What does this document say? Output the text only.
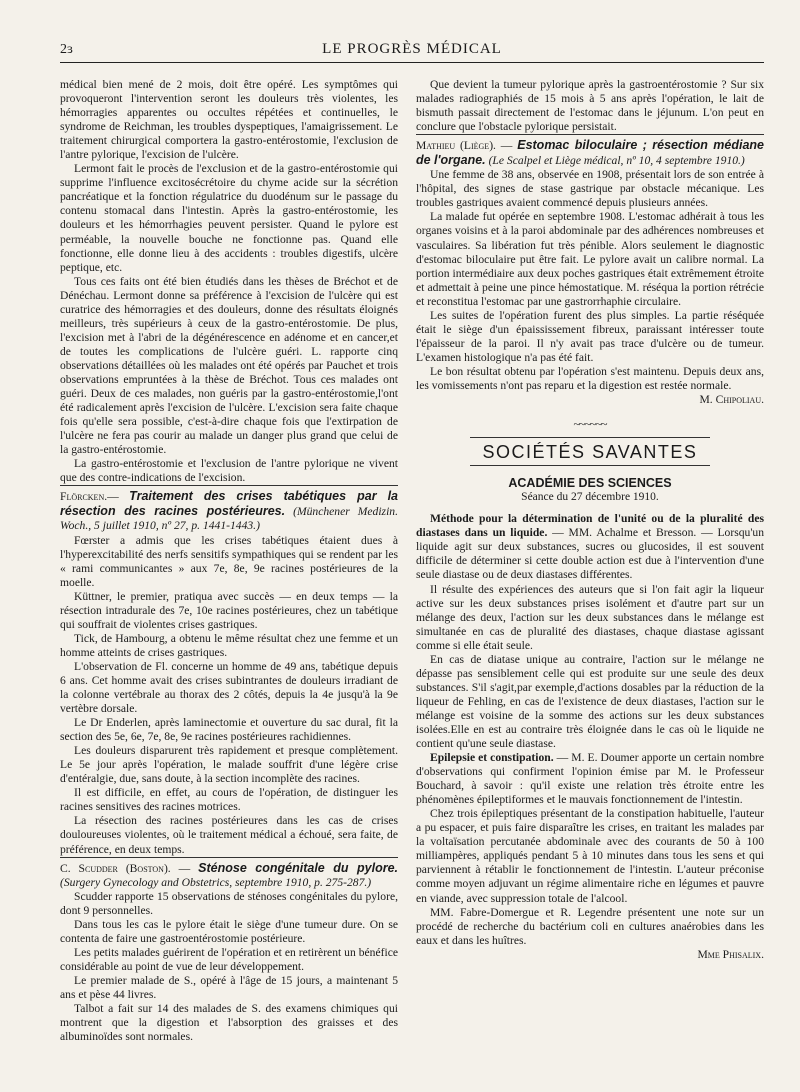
2ɜ	LE PROGRÈS MÉDICAL

médical bien mené de 2 mois, doit être opéré. Les symptômes qui provoqueront l'intervention seront les douleurs très violentes, les hémorragies apparentes ou occultes répétées et continuelles, le syndrome de Reichman, les troubles dyspeptiques, l'amaigrissement. Le traitement chirurgical comportera la gastro-entérostomie, l'exclusion de l'antre pylorique, l'excision de l'ulcère.

Lermont fait le procès de l'exclusion et de la gastro-entérostomie qui supprime l'influence excitosécrétoire du chyme acide sur la sécrétion pancréatique et la fonction régulatrice du duodénum sur le passage du contenu stomacal dans l'intestin. Après la gastro-entérostomie, les douleurs et les hémorrhagies peuvent persister. Quand le pylore est perméable, la nouvelle bouche ne fonctionne pas. Quand elle fonctionne, elle donne lieu à des accidents : troubles digestifs, ulcère peptique, etc.

Tous ces faits ont été bien étudiés dans les thèses de Bréchot et de Dénéchau. Lermont donne sa préférence à l'excision de l'ulcère qui est curatrice des hémorragies et des douleurs, donne des résultats éloignés meilleurs, très supérieurs à ceux de la gastro-entérostomie. De plus, l'excision met à l'abri de la dégénérescence en adénome et en cancer,et de toutes les complications de l'ulcère guéri. L. rapporte cinq observations détaillées où les malades ont été opérés par Pauchet et trois observations empruntées à la thèse de Bréchot. Tous ces malades ont guéri. Deux de ces malades, non guéris par la gastro-entérostomie,l'ont été radicalement après l'excision de l'ulcère. L'excision sera faite chaque fois qu'elle sera possible, c'est-à-dire chaque fois que l'extirpation de l'ulcère ne fera pas courir au malade un danger plus grand que celui de la gastro-entérostomie.

La gastro-entérostomie et l'exclusion de l'antre pylorique ne vivent que des contre-indications de l'excision.

Flörcken.— Traitement des crises tabétiques par la résection des racines postérieures. (Münchener Medizin. Woch., 5 juillet 1910, nº 27, p. 1441-1443.)

Fœrster a admis que les crises tabétiques étaient dues à l'hyperexcitabilité des nerfs sensitifs sympathiques qui se rendent par les « rami communicantes » aux 7e, 8e, 9e racines postérieures de la moelle.

Küttner, le premier, pratiqua avec succès — en deux temps — la résection intradurale des 7e, 10e racines postérieures, chez un tabétique qui souffrait de violentes crises gastriques.

Tick, de Hambourg, a obtenu le même résultat chez une femme et un homme atteints de crises gastriques.

L'observation de Fl. concerne un homme de 49 ans, tabétique depuis 6 ans. Cet homme avait des crises subintrantes de douleurs irradiant de la colonne vertébrale au thorax des 2 côtés, depuis la 4e jusqu'à la 9e vertèbre dorsale.

Le Dr Enderlen, après laminectomie et ouverture du sac dural, fit la section des 5e, 6e, 7e, 8e, 9e racines postérieures rachidiennes.

Les douleurs disparurent très rapidement et presque complètement. Le 5e jour après l'opération, le malade souffrit d'une légère crise d'entéralgie, due, sans doute, à la section incomplète des racines.

Il est difficile, en effet, au cours de l'opération, de distinguer les racines sensitives des racines motrices.

La résection des racines postérieures dans les cas de crises douloureuses violentes, où le traitement médical a échoué, sera faite, de préférence, en deux temps.

C. Scudder (Boston). — Sténose congénitale du pylore. (Surgery Gynecology and Obstetrics, septembre 1910, p. 275-287.)

Scudder rapporte 15 observations de sténoses congénitales du pylore, dont 9 personnelles.

Dans tous les cas le pylore était le siège d'une tumeur dure. On se contenta de faire une gastroentérostomie postérieure.

Les petits malades guérirent de l'opération et en retirèrent un bénéfice considérable au point de vue de leur développement.

Le premier malade de S., opéré à l'âge de 15 jours, a maintenant 5 ans et pèse 44 livres.

Talbot a fait sur 14 des malades de S. des examens chimiques qui montrent que la digestion et l'absorption des graisses et des albuminoïdes sont normales.

Que devient la tumeur pylorique après la gastroentérostomie ? Sur six malades radiographiés de 15 mois à 5 ans après l'opération, le lait de bismuth passait directement de l'estomac dans le jéjunum. L'on peut en conclure que l'obstacle pylorique persistait.

Mathieu (Liège). — Estomac biloculaire ; résection médiane de l'organe. (Le Scalpel et Liège médical, nº 10, 4 septembre 1910.)

Une femme de 38 ans, observée en 1908, présentait lors de son entrée à l'hôpital, des signes de stase gastrique par obstacle mécanique. Les troubles gastriques avaient commencé depuis plusieurs années.

La malade fut opérée en septembre 1908. L'estomac adhérait à tous les organes voisins et à la paroi abdominale par des adhérences nombreuses et vasculaires. Sa libération fut très pénible. Alors seulement le diagnostic d'estomac biloculaire put être fait. Le pylore avait un calibre normal. La portion intermédiaire aux deux poches gastriques était extrêmement étroite et admettait à peine une pince hémostatique. M. réséqua la portion rétrécie et reconstitua l'estomac par une gastrorrhaphie circulaire.

Les suites de l'opération furent des plus simples. La partie réséquée était le siège d'un épaississement fibreux, paraissant intéresser toute l'épaisseur de la paroi. Il n'y avait pas trace d'ulcère ou de tumeur. L'examen histologique n'a pas été fait.

Le bon résultat obtenu par l'opération s'est maintenu. Depuis deux ans, les vomissements n'ont pas reparu et la digestion est restée normale.

M. Chipoliau.

~~~~~~
SOCIÉTÉS SAVANTES
ACADÉMIE DES SCIENCES
Séance du 27 décembre 1910.

Méthode pour la détermination de l'unité ou de la pluralité des diastases dans un liquide. — MM. Achalme et Bresson. — Lorsqu'un liquide agit sur deux substances, sucres ou glucosides, il est souvent difficile de déterminer si cette double action est due à l'intervention d'une seule diastase ou de deux diastases différentes.

Il résulte des expériences des auteurs que si l'on fait agir la liqueur active sur les deux substances prises isolément et d'autre part sur un mélange des deux, l'action sur les deux substances dans le mélange est simultanée en cas de pluralité des diastases, chaque diastase agissant comme si elle était seule.

En cas de diatase unique au contraire, l'action sur le mélange ne dépasse pas sensiblement celle qui est produite sur une seule des deux substances. S'il s'agit,par exemple,d'actions dosables par la réduction de la liqueur de Fehling, en cas de l'existence de deux diastases, l'action sur le mélange est voisine de la somme des actions sur les deux substances isolées.Elle en est au contraire très éloignée dans le cas où le liquide ne contient qu'une seule diastase.

Epilepsie et constipation. — M. E. Doumer apporte un certain nombre d'observations qui confirment l'opinion émise par M. le Professeur Bouchard, à savoir : qu'il existe une relation très étroite entre les phénomènes épileptiformes et le mauvais fonctionnement de l'intestin.

Chez trois épileptiques présentant de la constipation habituelle, l'auteur a pu espacer, et puis faire disparaître les crises, en traitant les malades par la voltaïsation percutanée abdominale avec des courants de 50 à 100 milliampères, appliqués pendant 5 à 10 minutes dans tous les sens et qui parviennent à rétablir le fonctionnement de l'intestin. L'auteur préconise comme moyen adjuvant un régime alimentaire riche en légumes et pauvre en viande, avec suppression totale de l'alcool.

MM. Fabre-Domergue et R. Legendre présentent une note sur un procédé de recherche du bactérium coli en cultures anaérobies dans les eaux et dans les huîtres.

Mme Phisalix.
